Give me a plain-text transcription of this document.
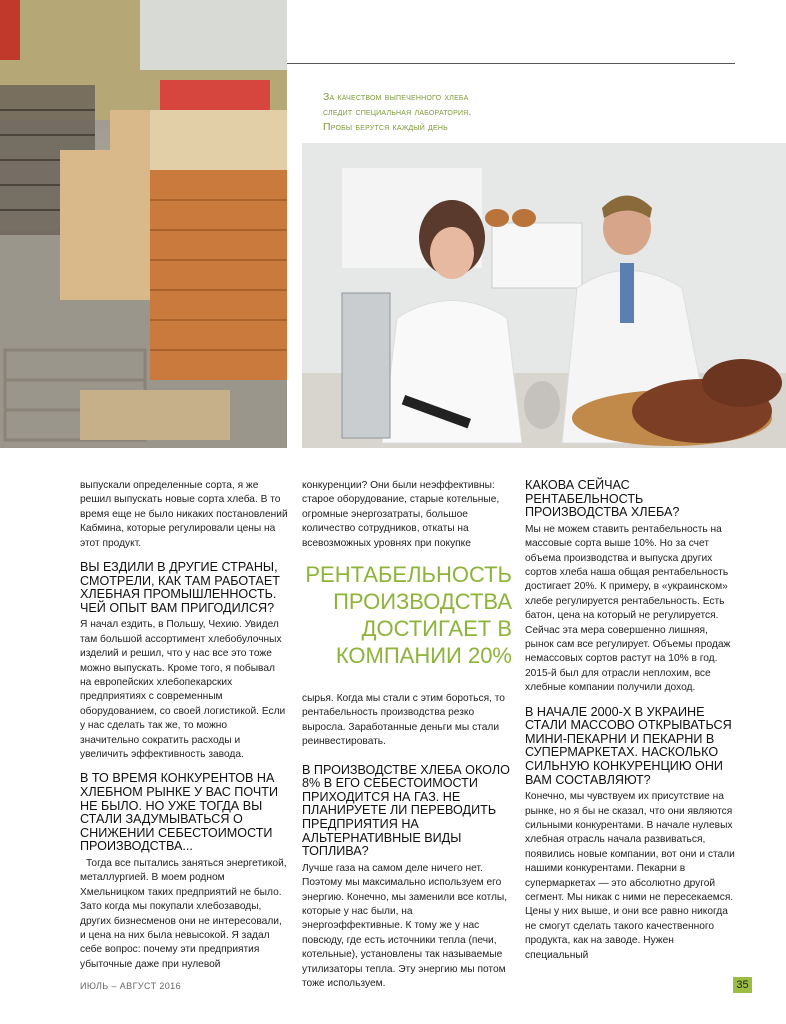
За качеством выпеченного хлеба
следит специальная лаборатория.
Пробы берутся каждый день

выпускали определенные сорта, я же решил выпускать новые сорта хлеба. В то время еще не было никаких постановлений Кабмина, которые регулировали цены на этот продукт.

ВЫ ЕЗДИЛИ В ДРУГИЕ СТРАНЫ, СМОТРЕЛИ, КАК ТАМ РАБОТАЕТ ХЛЕБНАЯ ПРОМЫШЛЕННОСТЬ. ЧЕЙ ОПЫТ ВАМ ПРИГОДИЛСЯ?

Я начал ездить, в Польшу, Чехию. Увидел там большой ассортимент хлебобулочных изделий и решил, что у нас все это тоже можно выпускать. Кроме того, я побывал на европейских хлебопекарских предприятиях с современным оборудованием, со своей логистикой. Если у нас сделать так же, то можно значительно сократить расходы и увеличить эффективность завода.

В ТО ВРЕМЯ КОНКУРЕНТОВ НА ХЛЕБНОМ РЫНКЕ У ВАС ПОЧТИ НЕ БЫЛО. НО УЖЕ ТОГДА ВЫ СТАЛИ ЗАДУМЫВАТЬСЯ О СНИЖЕНИИ СЕБЕСТОИМОСТИ ПРОИЗВОДСТВА...

Тогда все пытались заняться энергетикой, металлургией. В моем родном Хмельницком таких предприятий не было. Зато когда мы покупали хлебозаводы, других бизнесменов они не интересовали, и цена на них была невысокой. Я задал себе вопрос: почему эти предприятия убыточные даже при нулевой

конкуренции? Они были неэффективны: старое оборудование, старые котельные, огромные энергозатраты, большое количество сотрудников, откаты на всевозможных уровнях при покупке

РЕНТАБЕЛЬНОСТЬ ПРОИЗВОДСТВА ДОСТИГАЕТ В КОМПАНИИ 20%

сырья. Когда мы стали с этим бороться, то рентабельность производства резко выросла. Заработанные деньги мы стали реинвестировать.

В ПРОИЗВОДСТВЕ ХЛЕБА ОКОЛО 8% В ЕГО СЕБЕСТОИМОСТИ ПРИХОДИТСЯ НА ГАЗ. НЕ ПЛАНИРУЕТЕ ЛИ ПЕРЕВОДИТЬ ПРЕДПРИЯТИЯ НА АЛЬТЕРНАТИВНЫЕ ВИДЫ ТОПЛИВА?

Лучше газа на самом деле ничего нет. Поэтому мы максимально используем его энергию. Конечно, мы заменили все котлы, которые у нас были, на энергоэффективные. К тому же у нас повсюду, где есть источники тепла (печи, котельные), установлены так называемые утилизаторы тепла. Эту энергию мы потом тоже используем.

КАКОВА СЕЙЧАС РЕНТАБЕЛЬНОСТЬ ПРОИЗВОДСТВА ХЛЕБА?

Мы не можем ставить рентабельность на массовые сорта выше 10%. Но за счет объема производства и выпуска других сортов хлеба наша общая рентабельность достигает 20%. К примеру, в «украинском» хлебе регулируется рентабельность. Есть батон, цена на который не регулируется. Сейчас эта мера совершенно лишняя, рынок сам все регулирует. Объемы продаж немассовых сортов растут на 10% в год. 2015-й был для отрасли неплохим, все хлебные компании получили доход.

В НАЧАЛЕ 2000-Х В УКРАИНЕ СТАЛИ МАССОВО ОТКРЫВАТЬСЯ МИНИ-ПЕКАРНИ И ПЕКАРНИ В СУПЕРМАРКЕТАХ. НАСКОЛЬКО СИЛЬНУЮ КОНКУРЕНЦИЮ ОНИ ВАМ СОСТАВЛЯЮТ?

Конечно, мы чувствуем их присутствие на рынке, но я бы не сказал, что они являются сильными конкурентами. В начале нулевых хлебная отрасль начала развиваться, появились новые компании, вот они и стали нашими конкурентами. Пекарни в супермаркетах — это абсолютно другой сегмент. Мы никак с ними не пересекаемся. Цены у них выше, и они все равно никогда не смогут сделать такого качественного продукта, как на заводе. Нужен специальный

ИЮЛЬ – АВГУСТ 2016	35
